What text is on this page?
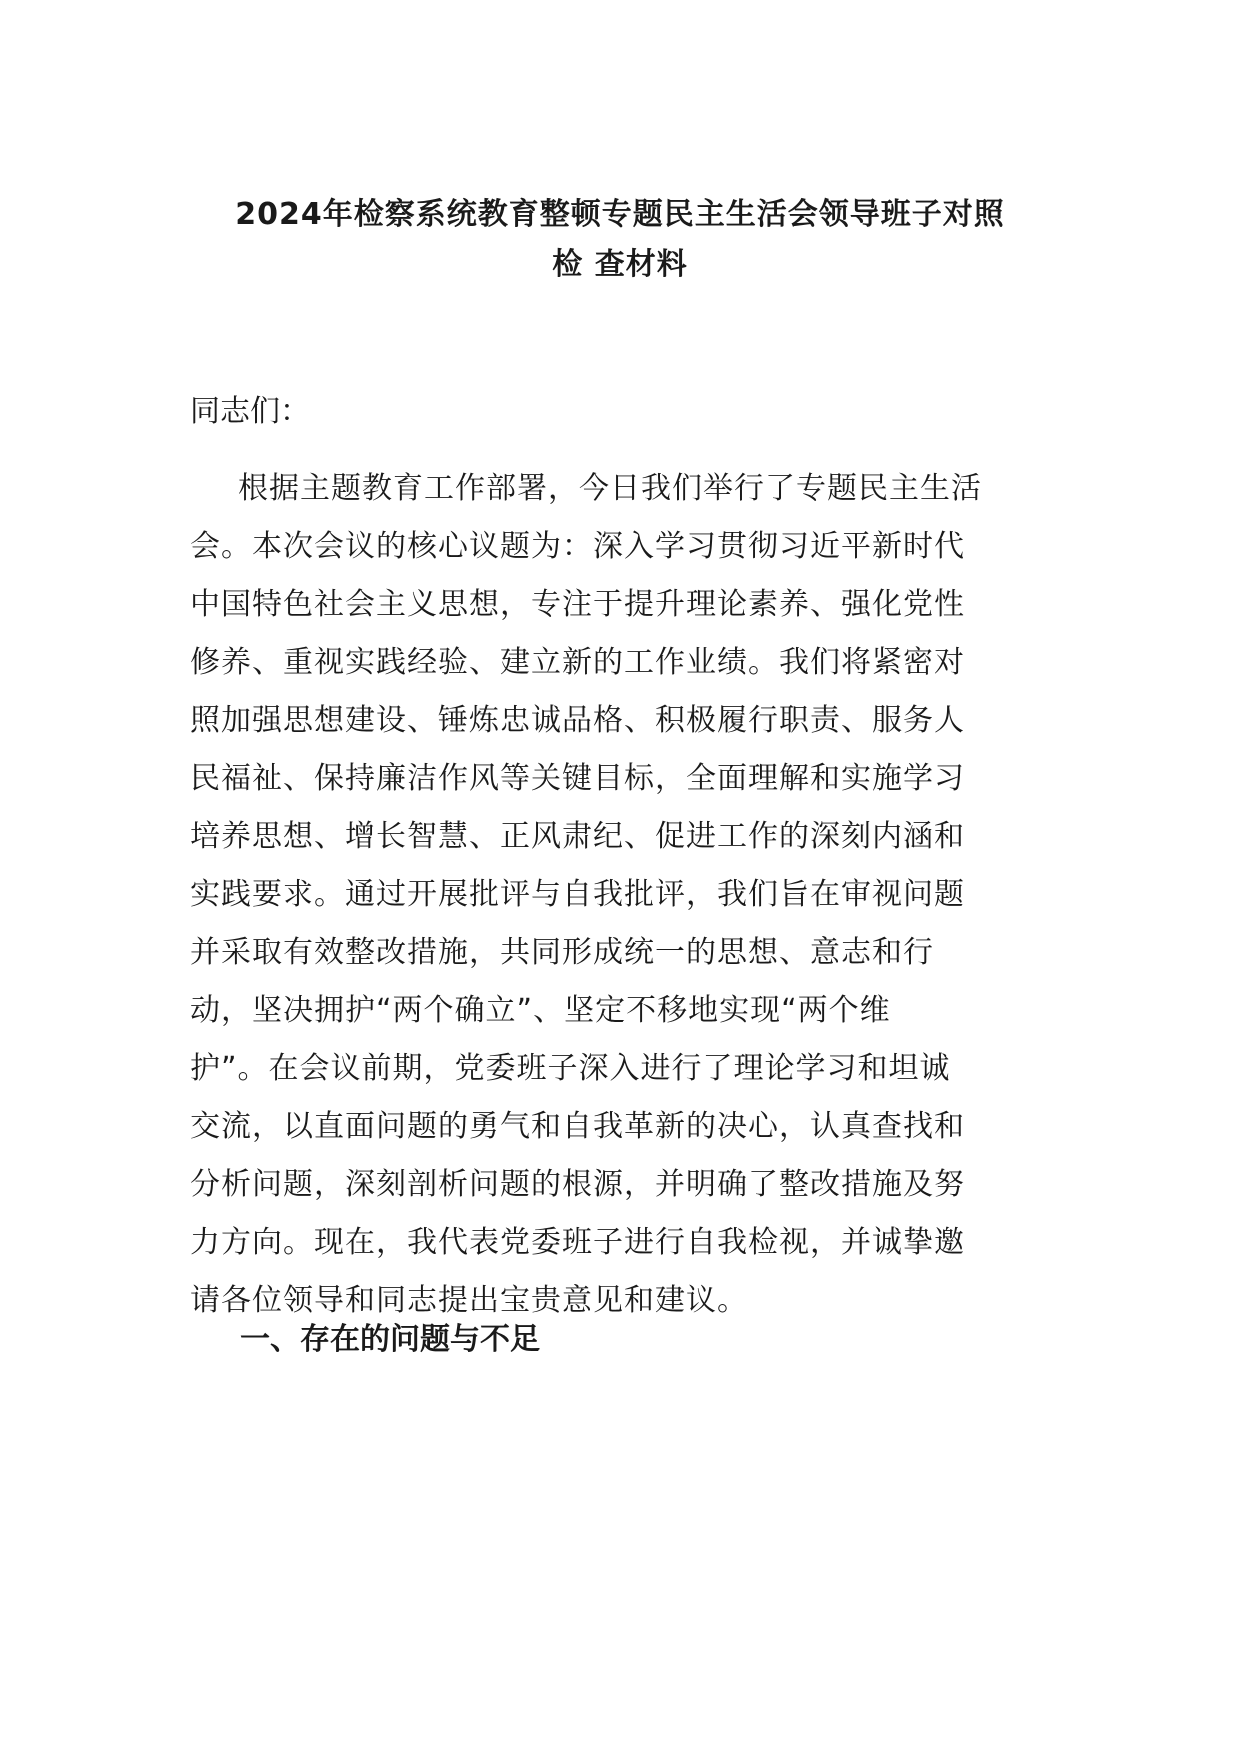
2024年检察系统教育整顿专题民主生活会领导班子对照
检 查材料

同志们：

根据主题教育工作部署，今日我们举行了专题民主生活
会。本次会议的核心议题为：深入学习贯彻习近平新时代
中国特色社会主义思想，专注于提升理论素养、强化党性
修养、重视实践经验、建立新的工作业绩。我们将紧密对
照加强思想建设、锤炼忠诚品格、积极履行职责、服务人
民福祉、保持廉洁作风等关键目标，全面理解和实施学习
培养思想、增长智慧、正风肃纪、促进工作的深刻内涵和
实践要求。通过开展批评与自我批评，我们旨在审视问题
并采取有效整改措施，共同形成统一的思想、意志和行
动，坚决拥护“两个确立”、坚定不移地实现“两个维
护”。在会议前期，党委班子深入进行了理论学习和坦诚
交流，以直面问题的勇气和自我革新的决心，认真查找和
分析问题，深刻剖析问题的根源，并明确了整改措施及努
力方向。现在，我代表党委班子进行自我检视，并诚挚邀
请各位领导和同志提出宝贵意见和建议。
一、存在的问题与不足
